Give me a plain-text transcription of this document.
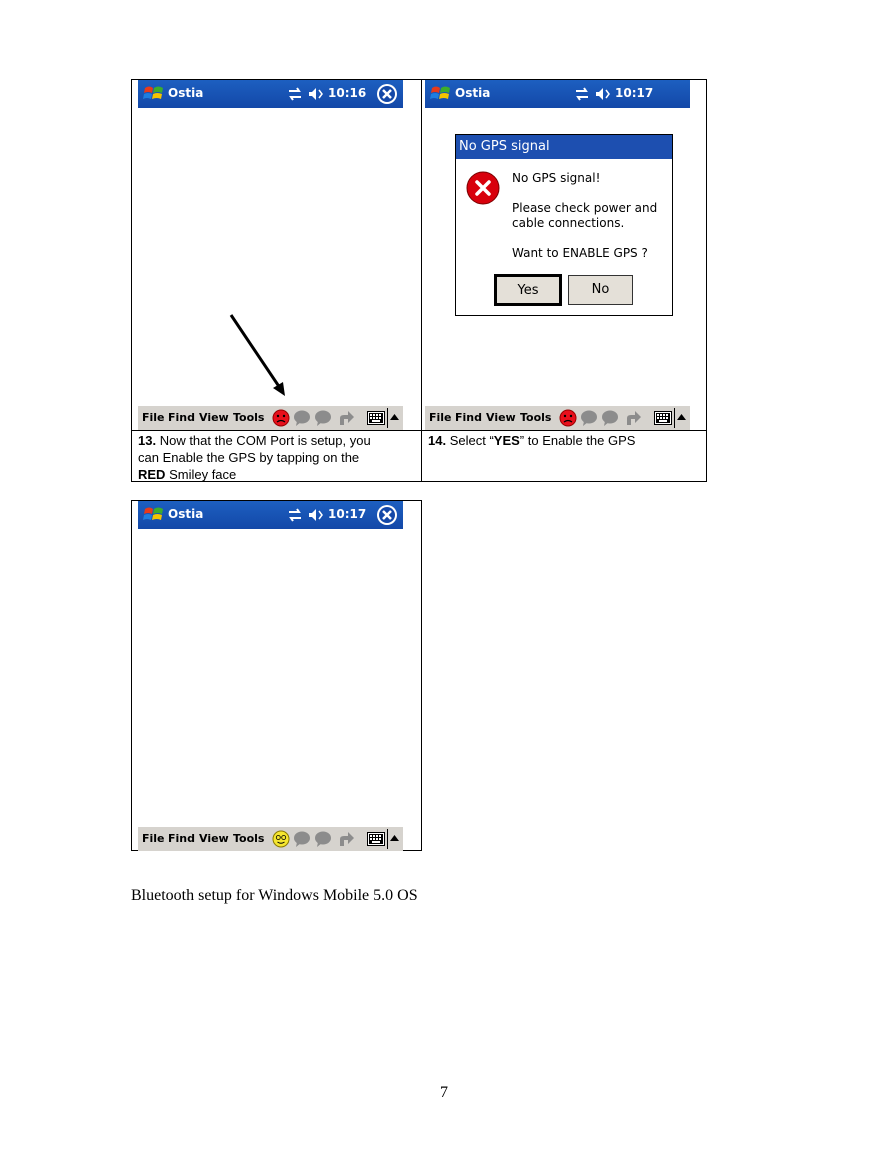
Ostia	10:16
File Find View Tools
Ostia	10:17
No GPS signal
No GPS signal!
Please check power and
cable connections.
Want to ENABLE GPS ?
Yes	No
File Find View Tools
13. Now that the COM Port is setup, you
can Enable the GPS by tapping on the
RED Smiley face
14. Select “YES” to Enable the GPS
Ostia	10:17
File Find View Tools
Bluetooth setup for Windows Mobile 5.0 OS
7
